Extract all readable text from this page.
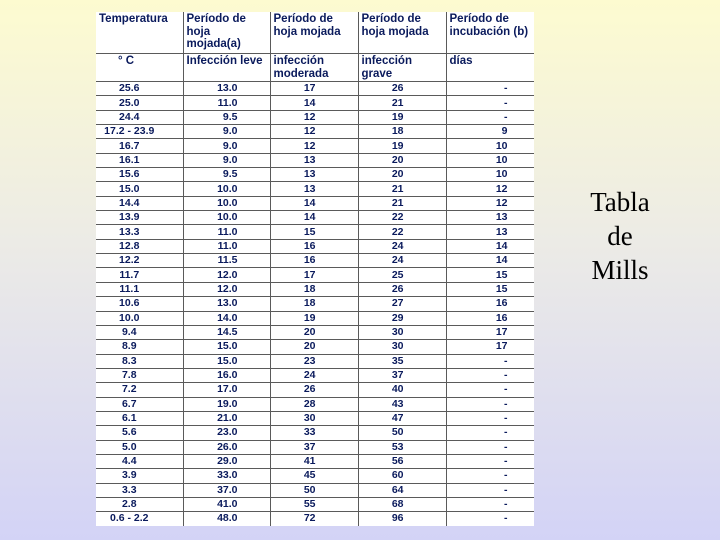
Temperatura	Período de hoja mojada(a)	Período de hoja mojada	Período de hoja mojada	Período de incubación (b)
° C	Infección leve	infección moderada	infección grave	días
25.6	13.0	17	26	-
25.0	11.0	14	21	-
24.4	9.5	12	19	-
17.2 - 23.9	9.0	12	18	9
16.7	9.0	12	19	10
16.1	9.0	13	20	10
15.6	9.5	13	20	10
15.0	10.0	13	21	12
14.4	10.0	14	21	12
13.9	10.0	14	22	13
13.3	11.0	15	22	13
12.8	11.0	16	24	14
12.2	11.5	16	24	14
11.7	12.0	17	25	15
11.1	12.0	18	26	15
10.6	13.0	18	27	16
10.0	14.0	19	29	16
9.4	14.5	20	30	17
8.9	15.0	20	30	17
8.3	15.0	23	35	-
7.8	16.0	24	37	-
7.2	17.0	26	40	-
6.7	19.0	28	43	-
6.1	21.0	30	47	-
5.6	23.0	33	50	-
5.0	26.0	37	53	-
4.4	29.0	41	56	-
3.9	33.0	45	60	-
3.3	37.0	50	64	-
2.8	41.0	55	68	-
0.6 - 2.2	48.0	72	96	-
Tabla
de
Mills
